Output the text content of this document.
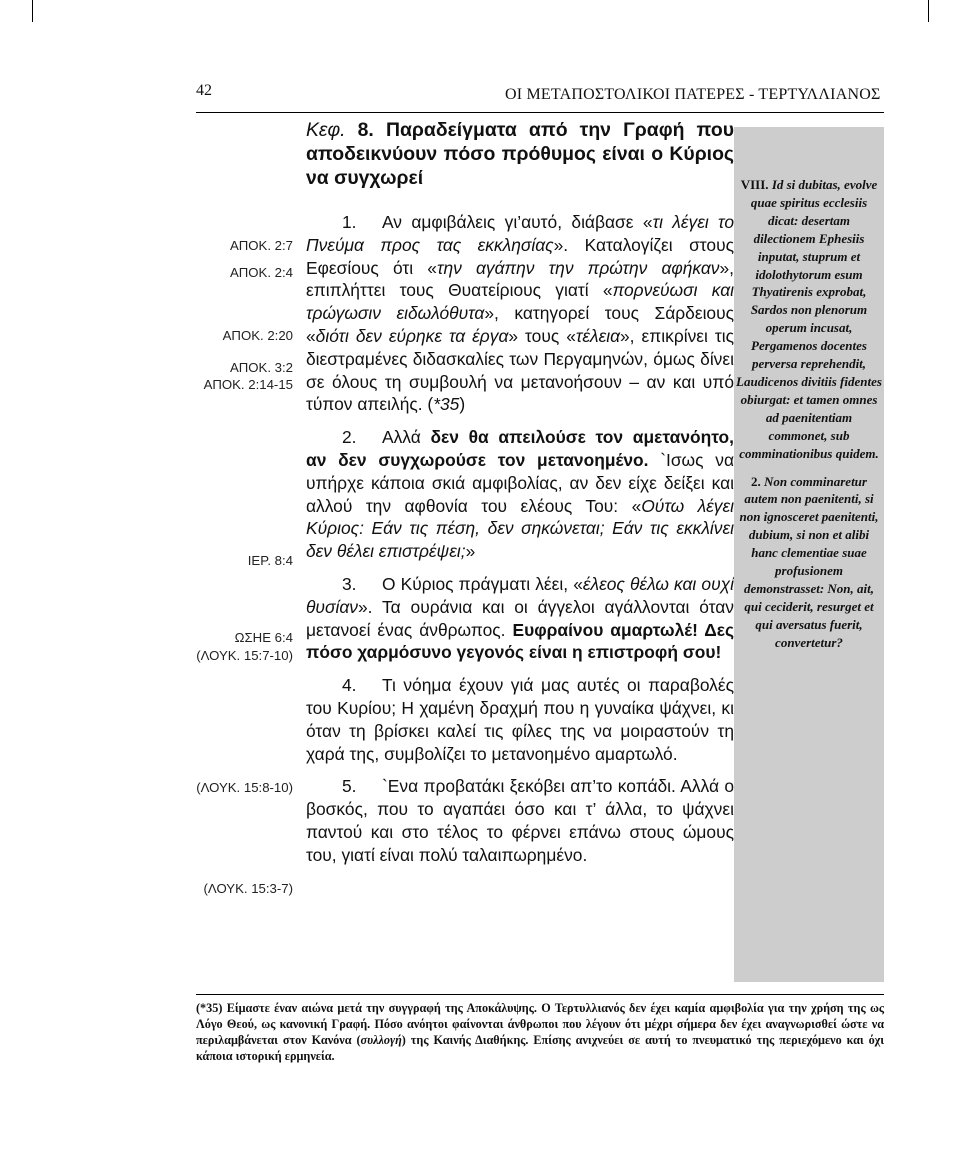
42	ΟΙ ΜΕΤΑΠΟΣΤΟΛΙΚΟΙ ΠΑΤΕΡΕΣ - ΤΕΡΤΥΛΛΙΑΝΟΣ
ΑΠΟΚ. 2:7
ΑΠΟΚ. 2:4
ΑΠΟΚ. 2:20
ΑΠΟΚ. 3:2
ΑΠΟΚ. 2:14-15
ΙΕΡ. 8:4
ΩΣΗΕ 6:4
(ΛΟΥΚ. 15:7-10)
(ΛΟΥΚ. 15:8-10)
(ΛΟΥΚ. 15:3-7)

Κεφ. 8. Παραδείγματα από την Γραφή που αποδεικνύουν πόσο πρόθυμος είναι ο Κύριος να συγχωρεί

1. Αν αμφιβάλεις γι’αυτό, διάβασε «τι λέγει το Πνεύμα προς τας εκκλησίας». Καταλογίζει στους Εφεσίους ότι «την αγάπην την πρώτην αφήκαν», επιπλήττει τους Θυατείριους γιατί «πορνεύωσι και τρώγωσιν ειδωλόθυτα», κατηγορεί τους Σάρδειους «διότι δεν εύρηκε τα έργα» τους «τέλεια», επικρίνει τις διεστραμένες διδασκαλίες των Περγαμηνών, όμως δίνει σε όλους τη συμβουλή να μετανοήσουν – αν και υπό τύπον απειλής. (*35)

2. Αλλά δεν θα απειλούσε τον αμετανόητο, αν δεν συγχωρούσε τον μετανοημένο. `Ισως να υπήρχε κάποια σκιά αμφιβολίας, αν δεν είχε δείξει και αλλού την αφθονία του ελέους Του: «Ούτω λέγει Κύριος: Εάν τις πέση, δεν σηκώνεται; Εάν τις εκκλίνει δεν θέλει επιστρέψει;»

3. Ο Κύριος πράγματι λέει, «έλεος θέλω και ουχί θυσίαν». Τα ουράνια και οι άγγελοι αγάλλονται όταν μετανοεί ένας άνθρωπος. Ευφραίνου αμαρτωλέ! Δες πόσο χαρμόσυνο γεγονός είναι η επιστροφή σου!

4. Τι νόημα έχουν γιά μας αυτές οι παραβολές του Κυρίου; Η χαμένη δραχμή που η γυναίκα ψάχνει, κι όταν τη βρίσκει καλεί τις φίλες της να μοιραστούν τη χαρά της, συμβολίζει το μετανοημένο αμαρτωλό.

5. `Ενα προβατάκι ξεκόβει απ’το κοπάδι. Αλλά ο βοσκός, που το αγαπάει όσο και τ’ άλλα, το ψάχνει παντού και στο τέλος το φέρνει επάνω στους ώμους του, γιατί είναι πολύ ταλαιπωρημένο.

VIII. Id si dubitas, evolve quae spiritus ecclesiis dicat: desertam dilectionem Ephesiis inputat, stuprum et idolothytorum esum Thyatirenis exprobat, Sardos non plenorum operum incusat, Pergamenos docentes perversa reprehendit, Laudicenos divitiis fidentes obiurgat: et tamen omnes ad paenitentiam commonet, sub comminationibus quidem.

2. Non comminaretur autem non paenitenti, si non ignosceret paenitenti, dubium, si non et alibi hanc clementiae suae profusionem demonstrasset: Non, ait, qui ceciderit, resurget et qui aversatus fuerit, convertetur?

(*35) Είμαστε έναν αιώνα μετά την συγγραφή της Αποκάλυψης. Ο Τερτυλλιανός δεν έχει καμία αμφιβολία για την χρήση της ως Λόγο Θεού, ως κανονική Γραφή. Πόσο ανόητοι φαίνονται άνθρωποι που λέγουν ότι μέχρι σήμερα δεν έχει αναγνωρισθεί ώστε να περιλαμβάνεται στον Κανόνα (συλλογή) της Καινής Διαθήκης. Επίσης ανιχνεύει σε αυτή το πνευματικό της περιεχόμενο και όχι κάποια ιστορική ερμηνεία.
